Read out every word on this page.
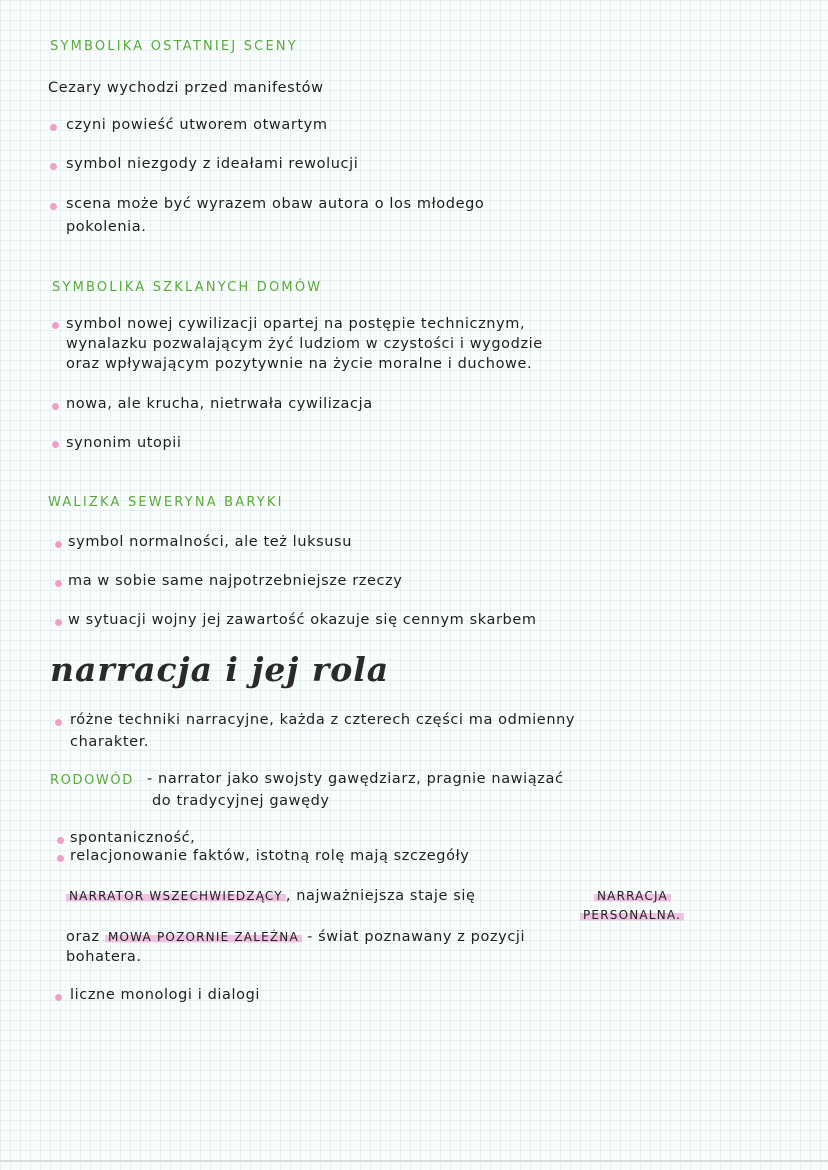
SYMBOLIKA OSTATNIEJ SCENY
Cezary wychodzi przed manifestów
czyni powieść utworem otwartym
symbol niezgody z ideałami rewolucji
scena może być wyrazem obaw autora o los młodego
pokolenia.
SYMBOLIKA SZKLANYCH DOMÓW
symbol nowej cywilizacji opartej na postępie technicznym,
wynalazku pozwalającym żyć ludziom w czystości i wygodzie
oraz wpływającym pozytywnie na życie moralne i duchowe.
nowa, ale krucha, nietrwała cywilizacja
synonim utopii
WALIZKA SEWERYNA BARYKI
symbol normalności, ale też luksusu
ma w sobie same najpotrzebniejsze rzeczy
w sytuacji wojny jej zawartość okazuje się cennym skarbem
narracja i jej rola
różne techniki narracyjne, każda z czterech części ma odmienny
charakter.
RODOWÓD - narrator jako swojsty gawędziarz, pragnie nawiązać
do tradycyjnej gawędy
spontaniczność,
relacjonowanie faktów, istotną rolę mają szczegóły
NARRATOR WSZECHWIEDZĄCY , najważniejsza staje się	NARRACJA
PERSONALNA.
oraz MOWA POZORNIE ZALEŻNA - świat poznawany z pozycji
bohatera.
liczne monologi i dialogi
